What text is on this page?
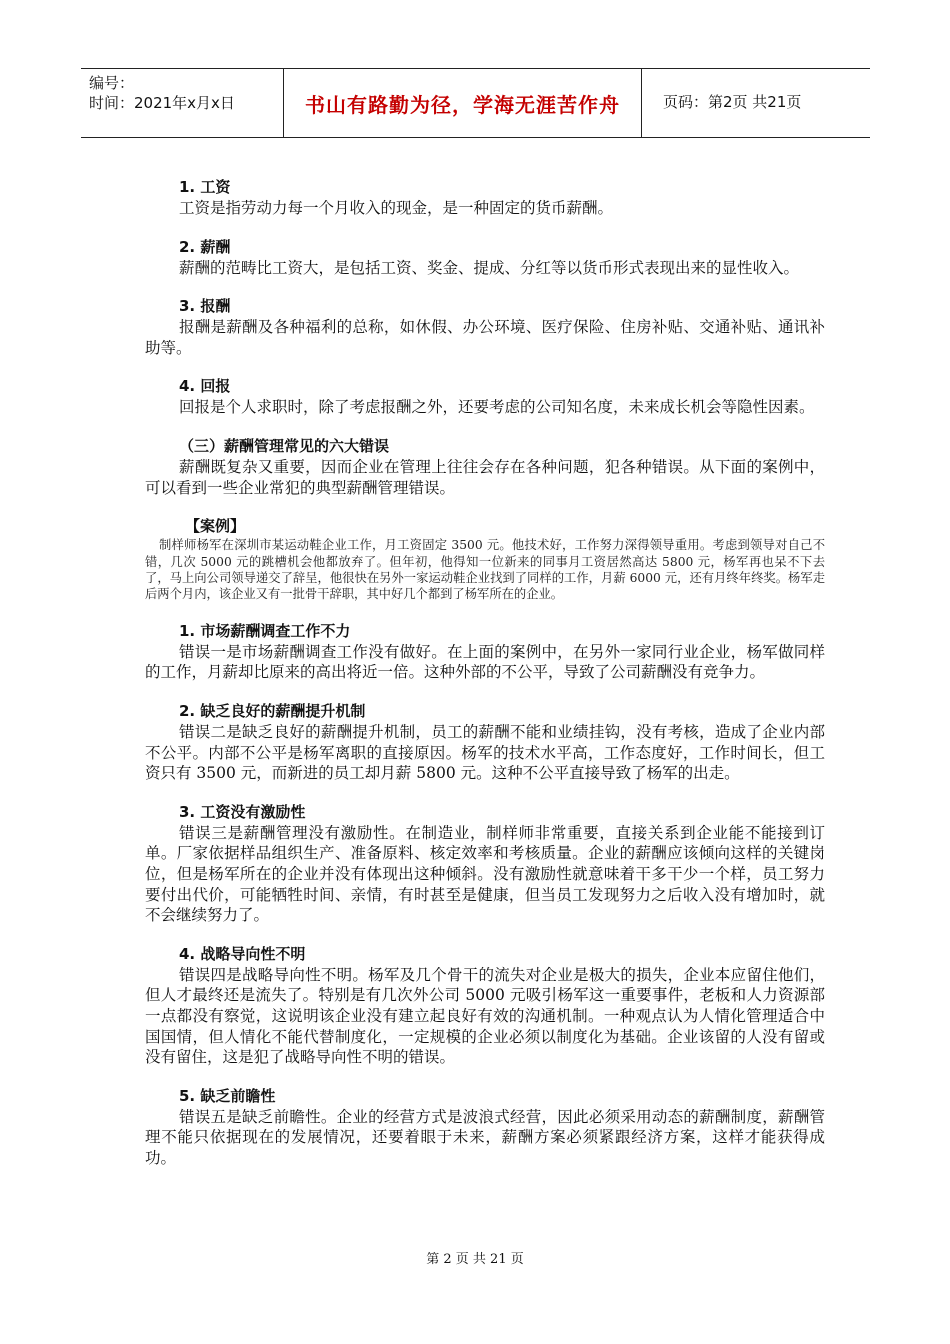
编号：
时间：2021年x月x日	书山有路勤为径，学海无涯苦作舟	页码：第2页 共21页
1. 工资

工资是指劳动力每一个月收入的现金，是一种固定的货币薪酬。

2. 薪酬

薪酬的范畴比工资大，是包括工资、奖金、提成、分红等以货币形式表现出来的显性收入。

3. 报酬

报酬是薪酬及各种福利的总称，如休假、办公环境、医疗保险、住房补贴、交通补贴、通讯补助等。

4. 回报

回报是个人求职时，除了考虑报酬之外，还要考虑的公司知名度，未来成长机会等隐性因素。

（三）薪酬管理常见的六大错误

薪酬既复杂又重要，因而企业在管理上往往会存在各种问题，犯各种错误。从下面的案例中，可以看到一些企业常犯的典型薪酬管理错误。

【案例】

制样师杨军在深圳市某运动鞋企业工作，月工资固定 3500 元。他技术好，工作努力深得领导重用。考虑到领导对自己不错，几次 5000 元的跳槽机会他都放弃了。但年初，他得知一位新来的同事月工资居然高达 5800 元，杨军再也呆不下去了，马上向公司领导递交了辞呈，他很快在另外一家运动鞋企业找到了同样的工作，月薪 6000 元，还有月终年终奖。杨军走后两个月内，该企业又有一批骨干辞职，其中好几个都到了杨军所在的企业。

1. 市场薪酬调查工作不力

错误一是市场薪酬调查工作没有做好。在上面的案例中，在另外一家同行业企业，杨军做同样的工作，月薪却比原来的高出将近一倍。这种外部的不公平，导致了公司薪酬没有竞争力。

2. 缺乏良好的薪酬提升机制

错误二是缺乏良好的薪酬提升机制，员工的薪酬不能和业绩挂钩，没有考核，造成了企业内部不公平。内部不公平是杨军离职的直接原因。杨军的技术水平高，工作态度好，工作时间长，但工资只有 3500 元，而新进的员工却月薪 5800 元。这种不公平直接导致了杨军的出走。

3. 工资没有激励性

错误三是薪酬管理没有激励性。在制造业，制样师非常重要，直接关系到企业能不能接到订单。厂家依据样品组织生产、准备原料、核定效率和考核质量。企业的薪酬应该倾向这样的关键岗位，但是杨军所在的企业并没有体现出这种倾斜。没有激励性就意味着干多干少一个样，员工努力要付出代价，可能牺牲时间、亲情，有时甚至是健康，但当员工发现努力之后收入没有增加时，就不会继续努力了。

4. 战略导向性不明

错误四是战略导向性不明。杨军及几个骨干的流失对企业是极大的损失，企业本应留住他们，但人才最终还是流失了。特别是有几次外公司 5000 元吸引杨军这一重要事件，老板和人力资源部一点都没有察觉，这说明该企业没有建立起良好有效的沟通机制。一种观点认为人情化管理适合中国国情，但人情化不能代替制度化，一定规模的企业必须以制度化为基础。企业该留的人没有留或没有留住，这是犯了战略导向性不明的错误。

5. 缺乏前瞻性

错误五是缺乏前瞻性。企业的经营方式是波浪式经营，因此必须采用动态的薪酬制度，薪酬管理不能只依据现在的发展情况，还要着眼于未来，薪酬方案必须紧跟经济方案，这样才能获得成功。

第 2 页 共 21 页
